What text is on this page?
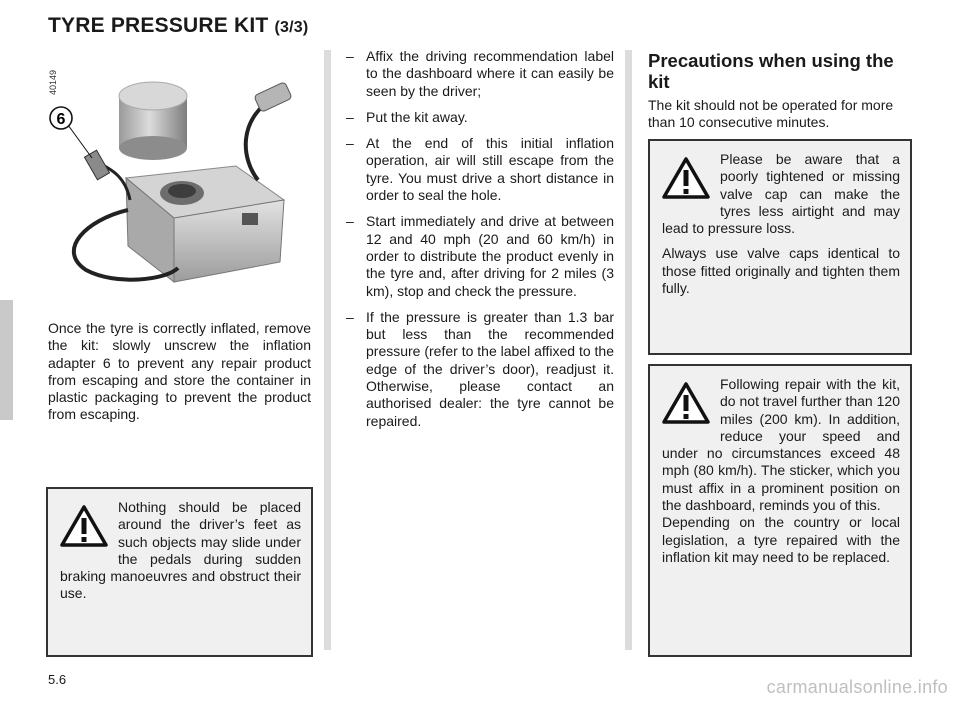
TYRE PRESSURE KIT (3/3)
6
40149

Once the tyre is correctly inflated, remove the kit: slowly unscrew the inflation adapter 6 to prevent any repair product from escaping and store the container in plastic packaging to prevent the product from escaping.

Nothing should be placed around the driver’s feet as such objects may slide under the pedals during sudden braking manoeuvres and obstruct their use.

– Affix the driving recommendation label to the dashboard where it can easily be seen by the driver;
– Put the kit away.
– At the end of this initial inflation operation, air will still escape from the tyre. You must drive a short distance in order to seal the hole.
– Start immediately and drive at between 12 and 40 mph (20 and 60 km/h) in order to distribute the product evenly in the tyre and, after driving for 2 miles (3 km), stop and check the pressure.
– If the pressure is greater than 1.3 bar but less than the recommended pressure (refer to the label affixed to the edge of the driver’s door), readjust it. Otherwise, please contact an authorised dealer: the tyre cannot be repaired.
Precautions when using the kit

The kit should not be operated for more than 10 consecutive minutes.

Please be aware that a poorly tightened or missing valve cap can make the tyres less airtight and may lead to pressure loss.

Always use valve caps identical to those fitted originally and tighten them fully.

Following repair with the kit, do not travel further than 120 miles (200 km). In addition, reduce your speed and under no circumstances exceed 48 mph (80 km/h). The sticker, which you must affix in a prominent position on the dashboard, reminds you of this.

Depending on the country or local legislation, a tyre repaired with the inflation kit may need to be replaced.

5.6	carmanualsonline.info
